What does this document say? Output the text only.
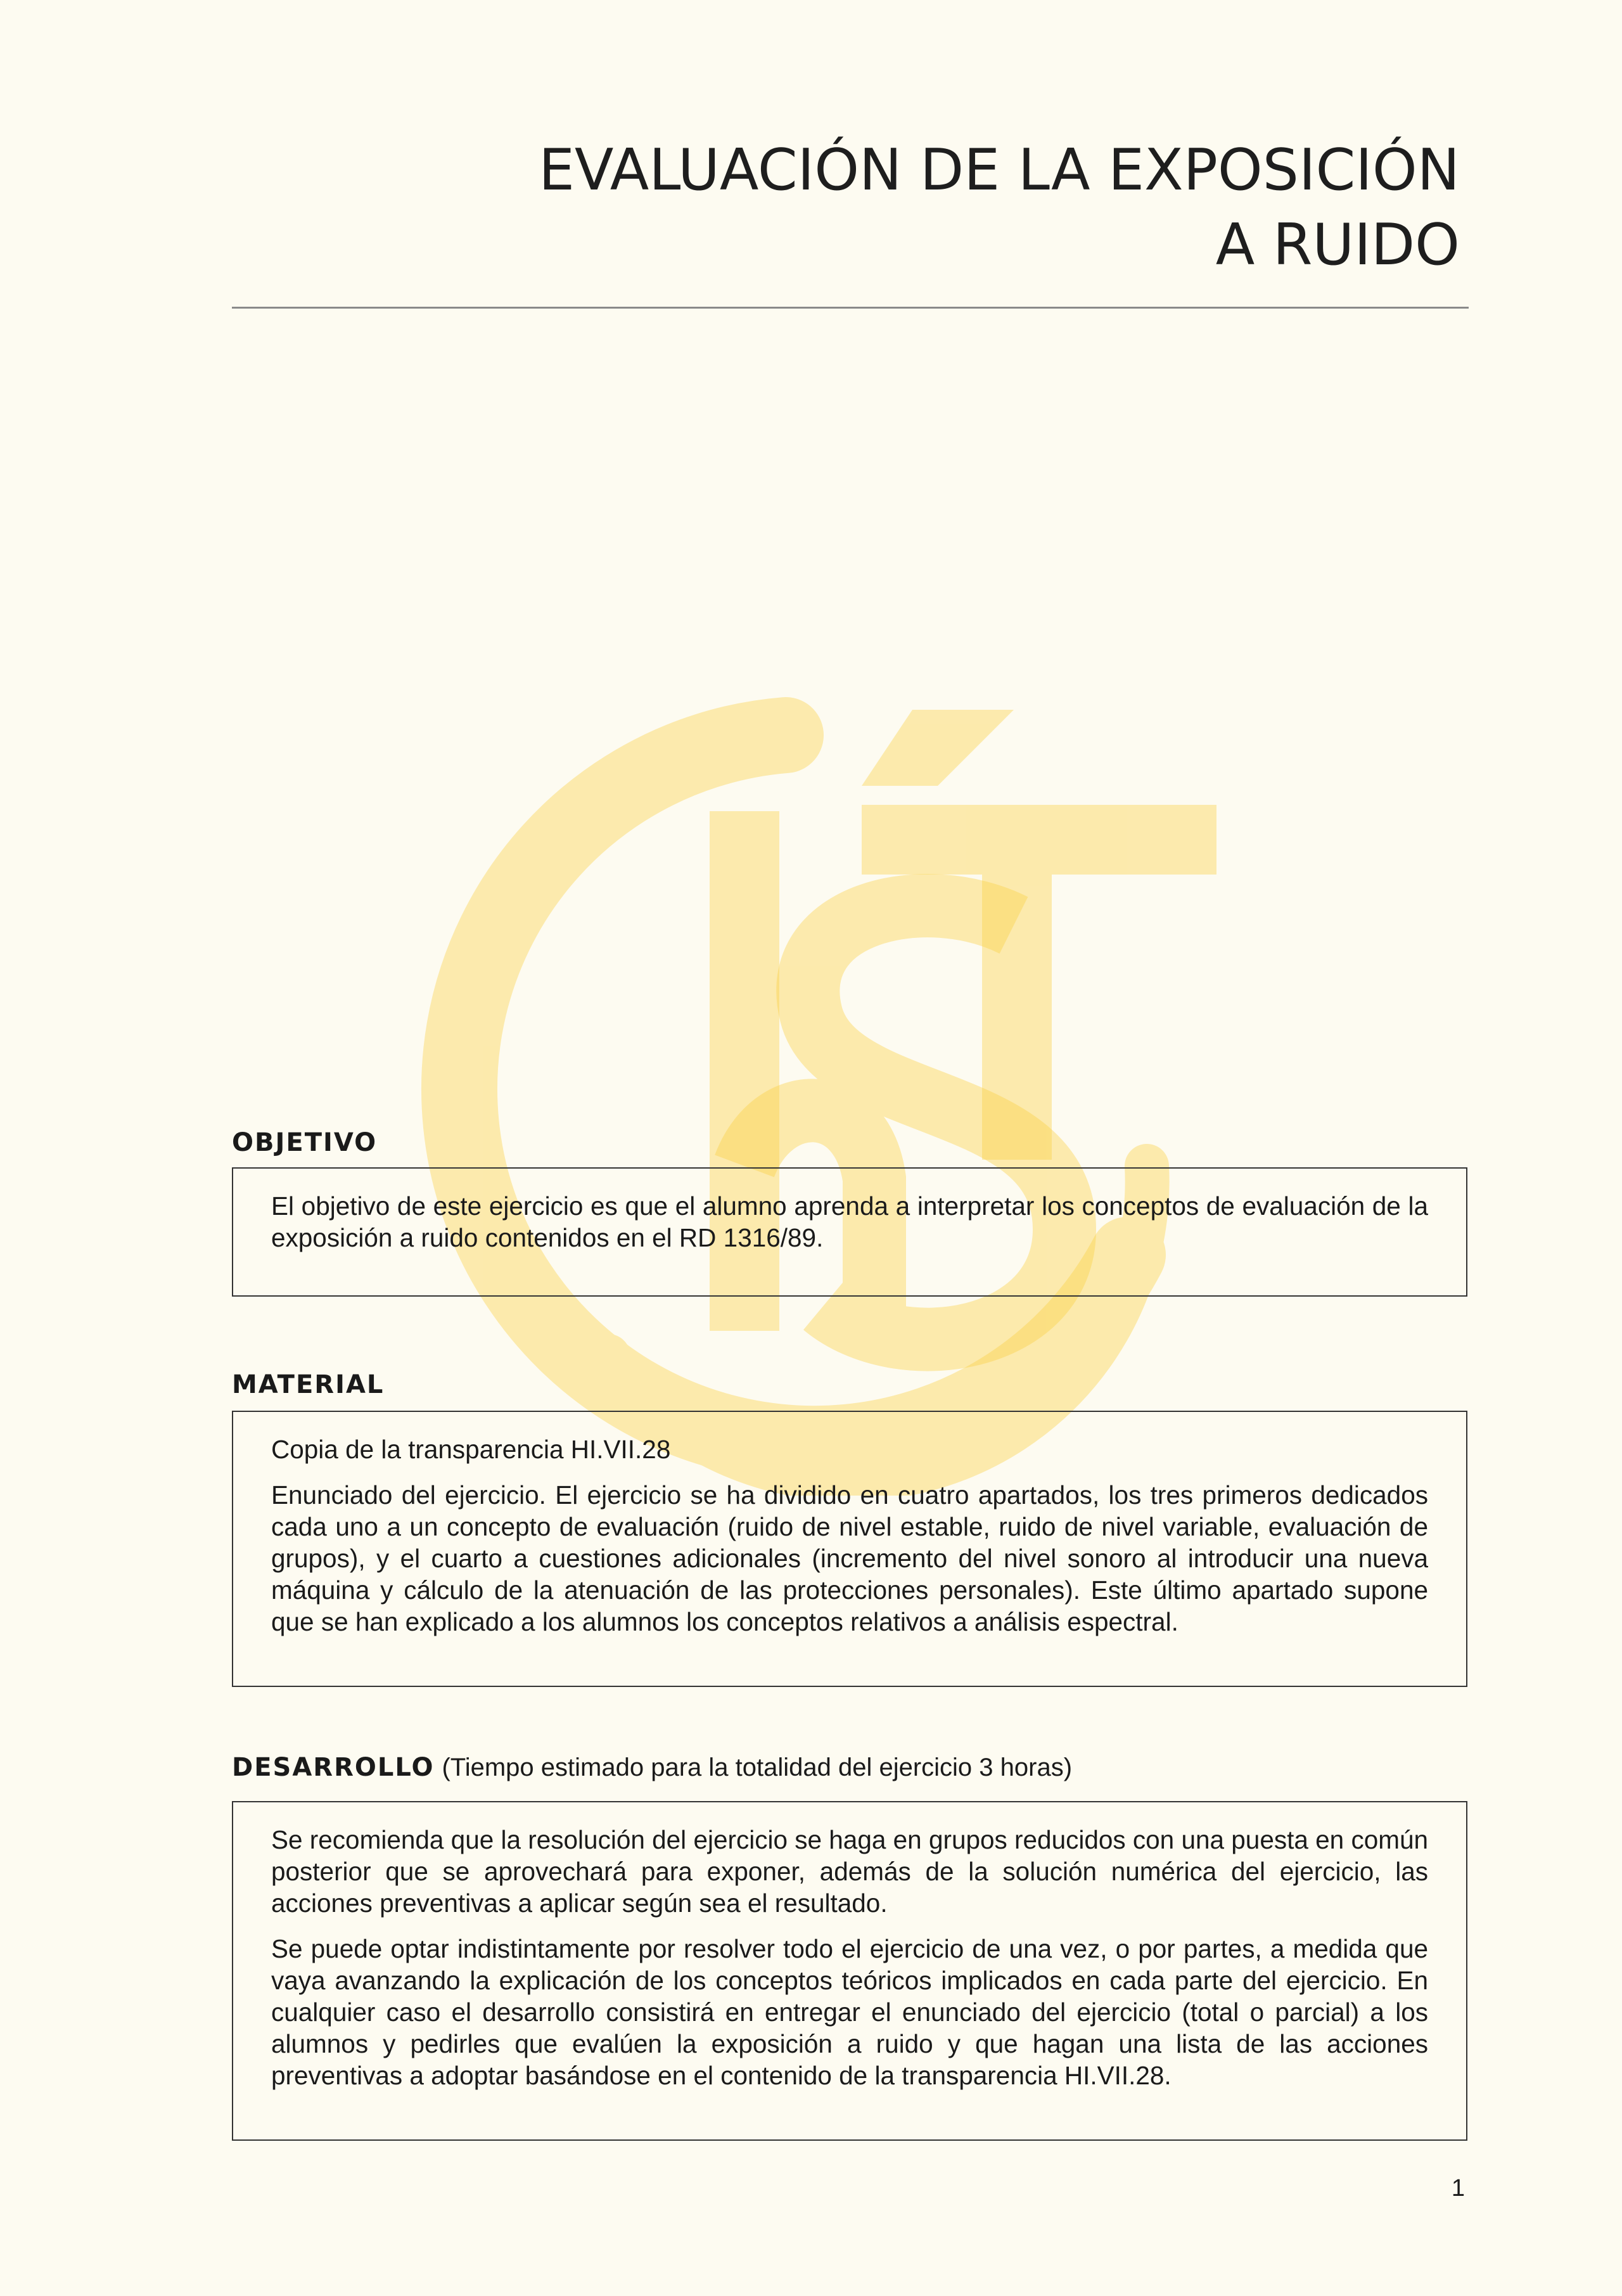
EVALUACIÓN DE LA EXPOSICIÓN
A RUIDO
OBJETIVO

El objetivo de este ejercicio es que el alumno aprenda a interpretar los conceptos de evaluación de la exposición a ruido contenidos en el RD 1316/89.

MATERIAL

Copia de la transparencia HI.VII.28

Enunciado del ejercicio. El ejercicio se ha dividido en cuatro apartados, los tres primeros dedicados cada uno a un concepto de evaluación (ruido de nivel estable, ruido de nivel variable, evaluación de grupos), y el cuarto a cuestiones adicionales (incremento del nivel sonoro al introducir una nueva máquina y cálculo de la atenuación de las protecciones personales). Este último apartado supone que se han explicado a los alumnos los conceptos relativos a análisis espectral.

DESARROLLO (Tiempo estimado para la totalidad del ejercicio 3 horas)

Se recomienda que la resolución del ejercicio se haga en grupos reducidos con una puesta en común posterior que se aprovechará para exponer, además de la solución numérica del ejercicio, las acciones preventivas a aplicar según sea el resultado.

Se puede optar indistintamente por resolver todo el ejercicio de una vez, o por partes, a medida que vaya avanzando la explicación de los conceptos teóricos implicados en cada parte del ejercicio. En cualquier caso el desarrollo consistirá en entregar el enunciado del ejercicio (total o parcial) a los alumnos y pedirles que evalúen la exposición a ruido y que hagan una lista de las acciones preventivas a adoptar basándose en el contenido de la transparencia HI.VII.28.

1
